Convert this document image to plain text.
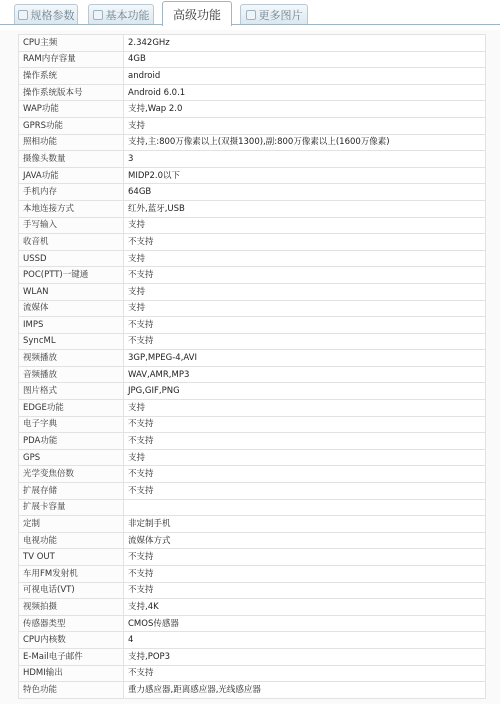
规格参数	基本功能 高级功能	更多图片
CPU主频	2.342GHz
RAM内存容量	4GB
操作系统	android
操作系统版本号	Android 6.0.1
WAP功能	支持,Wap 2.0
GPRS功能	支持
照相功能	支持,主:800万像素以上(双摄1300),副:800万像素以上(1600万像素)
摄像头数量	3
JAVA功能	MIDP2.0以下
手机内存	64GB
本地连接方式	红外,蓝牙,USB
手写输入	支持
收音机	不支持
USSD	支持
POC(PTT)一键通	不支持
WLAN	支持
流媒体	支持
IMPS	不支持
SyncML	不支持
视频播放	3GP,MPEG-4,AVI
音频播放	WAV,AMR,MP3
图片格式	JPG,GIF,PNG
EDGE功能	支持
电子字典	不支持
PDA功能	不支持
GPS	支持
光学变焦倍数	不支持
扩展存储	不支持
扩展卡容量	
定制	非定制手机
电视功能	流媒体方式
TV OUT	不支持
车用FM发射机	不支持
可视电话(VT)	不支持
视频拍摄	支持,4K
传感器类型	CMOS传感器
CPU内核数	4
E-Mail电子邮件	支持,POP3
HDMI输出	不支持
特色功能	重力感应器,距离感应器,光线感应器
